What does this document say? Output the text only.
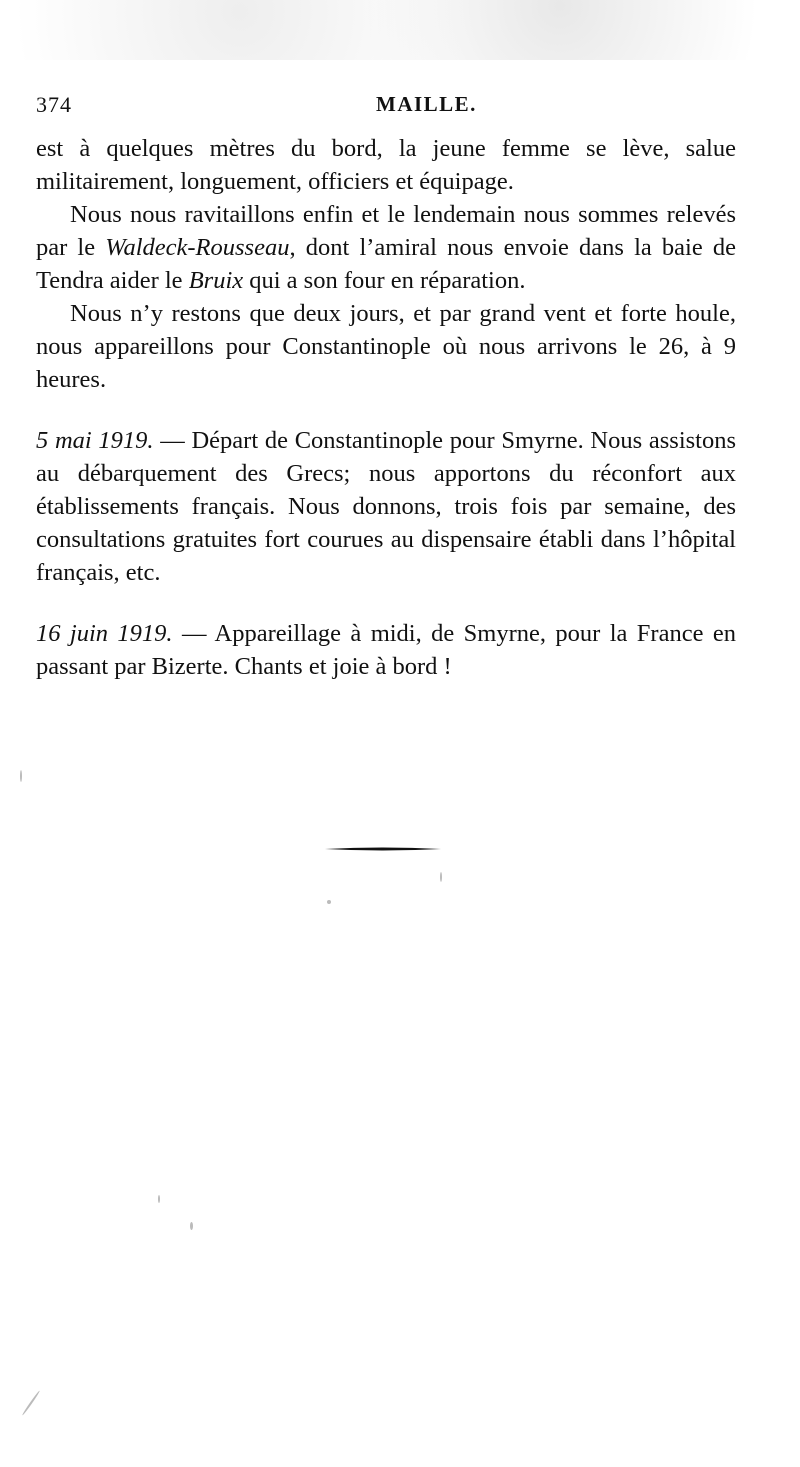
374	MAILLE.

est à quelques mètres du bord, la jeune femme se lève, salue militairement, longuement, officiers et équipage.

Nous nous ravitaillons enfin et le lendemain nous sommes relevés par le Waldeck-Rousseau, dont l’amiral nous envoie dans la baie de Tendra aider le Bruix qui a son four en réparation.

Nous n’y restons que deux jours, et par grand vent et forte houle, nous appareillons pour Constantinople où nous arrivons le 26, à 9 heures.

5 mai 1919. — Départ de Constantinople pour Smyrne. Nous assistons au débarquement des Grecs; nous apportons du réconfort aux établissements français. Nous donnons, trois fois par semaine, des consultations gratuites fort courues au dispensaire établi dans l’hôpital français, etc.

16 juin 1919. — Appareillage à midi, de Smyrne, pour la France en passant par Bizerte. Chants et joie à bord !
